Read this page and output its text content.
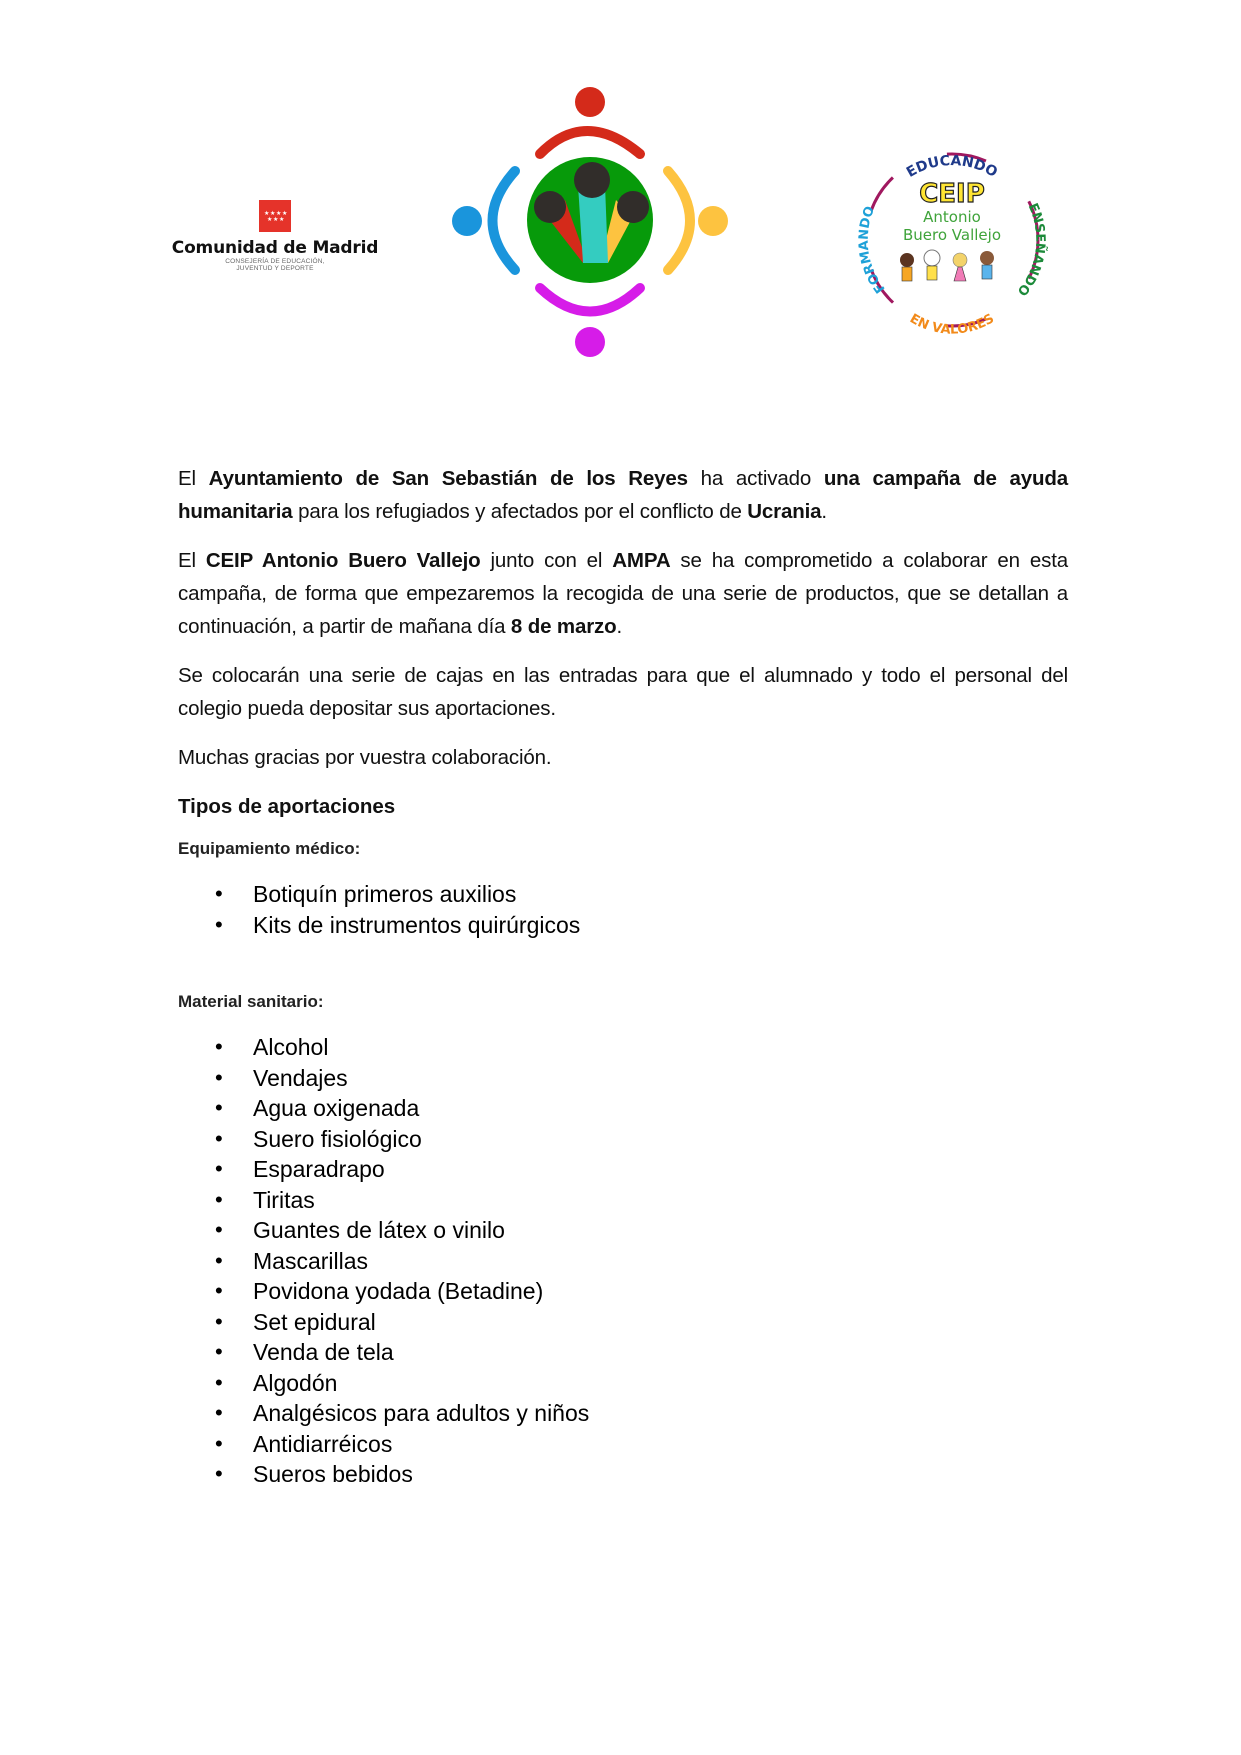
★ ★ ★ ★
★ ★ ★
Comunidad de Madrid
CONSEJERÍA DE EDUCACIÓN,
JUVENTUD Y DEPORTE
EDUCANDO
FORMANDO	ENSEÑANDO
EN VALORES
CEIP
Antonio
Buero Vallejo

El Ayuntamiento de San Sebastián de los Reyes ha activado una campaña de ayuda humanitaria para los refugiados y afectados por el conflicto de Ucrania.

El CEIP Antonio Buero Vallejo junto con el AMPA se ha comprometido a colaborar en esta campaña, de forma que empezaremos la recogida de una serie de productos, que se detallan a continuación, a partir de mañana día 8 de marzo.

Se colocarán una serie de cajas en las entradas para que el alumnado y todo el personal del colegio pueda depositar sus aportaciones.

Muchas gracias por vuestra colaboración.

Tipos de aportaciones
Equipamiento médico:
• Botiquín primeros auxilios
• Kits de instrumentos quirúrgicos
Material sanitario:
• Alcohol
• Vendajes
• Agua oxigenada
• Suero fisiológico
• Esparadrapo
• Tiritas
• Guantes de látex o vinilo
• Mascarillas
• Povidona yodada (Betadine)
• Set epidural
• Venda de tela
• Algodón
• Analgésicos para adultos y niños
• Antidiarréicos
• Sueros bebidos
